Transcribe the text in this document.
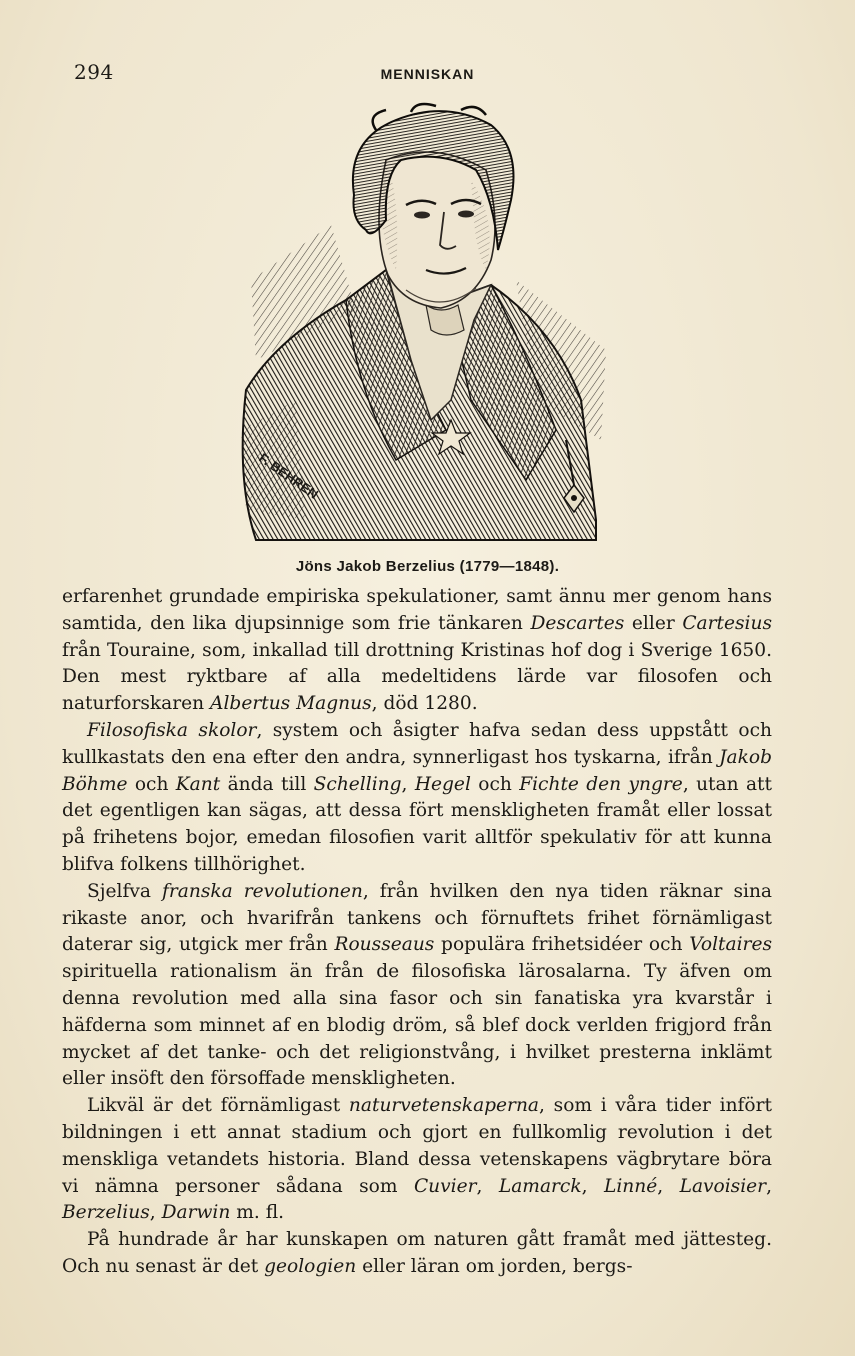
294	MENNISKAN
F. BEHREN
Jöns Jakob Berzelius (1779—1848).

erfarenhet grundade empiriska spekulationer, samt ännu mer genom hans samtida, den lika djupsinnige som frie tänkaren Descartes eller Cartesius från Touraine, som, inkallad till drottning Kristinas hof dog i Sverige 1650. Den mest ryktbare af alla medeltidens lärde var filosofen och naturforskaren Albertus Magnus, död 1280.

Filosofiska skolor, system och åsigter hafva sedan dess uppstått och kullkastats den ena efter den andra, synnerligast hos tyskarna, ifrån Jakob Böhme och Kant ända till Schelling, Hegel och Fichte den yngre, utan att det egentligen kan sägas, att dessa fört menskligheten framåt eller lossat på frihetens bojor, emedan filosofien varit alltför spekulativ för att kunna blifva folkens tillhörighet.

Sjelfva franska revolutionen, från hvilken den nya tiden räknar sina rikaste anor, och hvarifrån tankens och förnuftets frihet förnämligast daterar sig, utgick mer från Rousseaus populära frihetsidéer och Voltaires spirituella rationalism än från de filosofiska lärosalarna. Ty äfven om denna revolution med alla sina fasor och sin fanatiska yra kvarstår i häfderna som minnet af en blodig dröm, så blef dock verlden frigjord från mycket af det tanke- och det religionstvång, i hvilket presterna inklämt eller insöft den försoffade menskligheten.

Likväl är det förnämligast naturvetenskaperna, som i våra tider infört bildningen i ett annat stadium och gjort en fullkomlig revolution i det menskliga vetandets historia. Bland dessa vetenskapens vägbrytare böra vi nämna personer sådana som Cuvier, Lamarck, Linné, Lavoisier, Berzelius, Darwin m. fl.

På hundrade år har kunskapen om naturen gått framåt med jättesteg. Och nu senast är det geologien eller läran om jorden, bergs-
